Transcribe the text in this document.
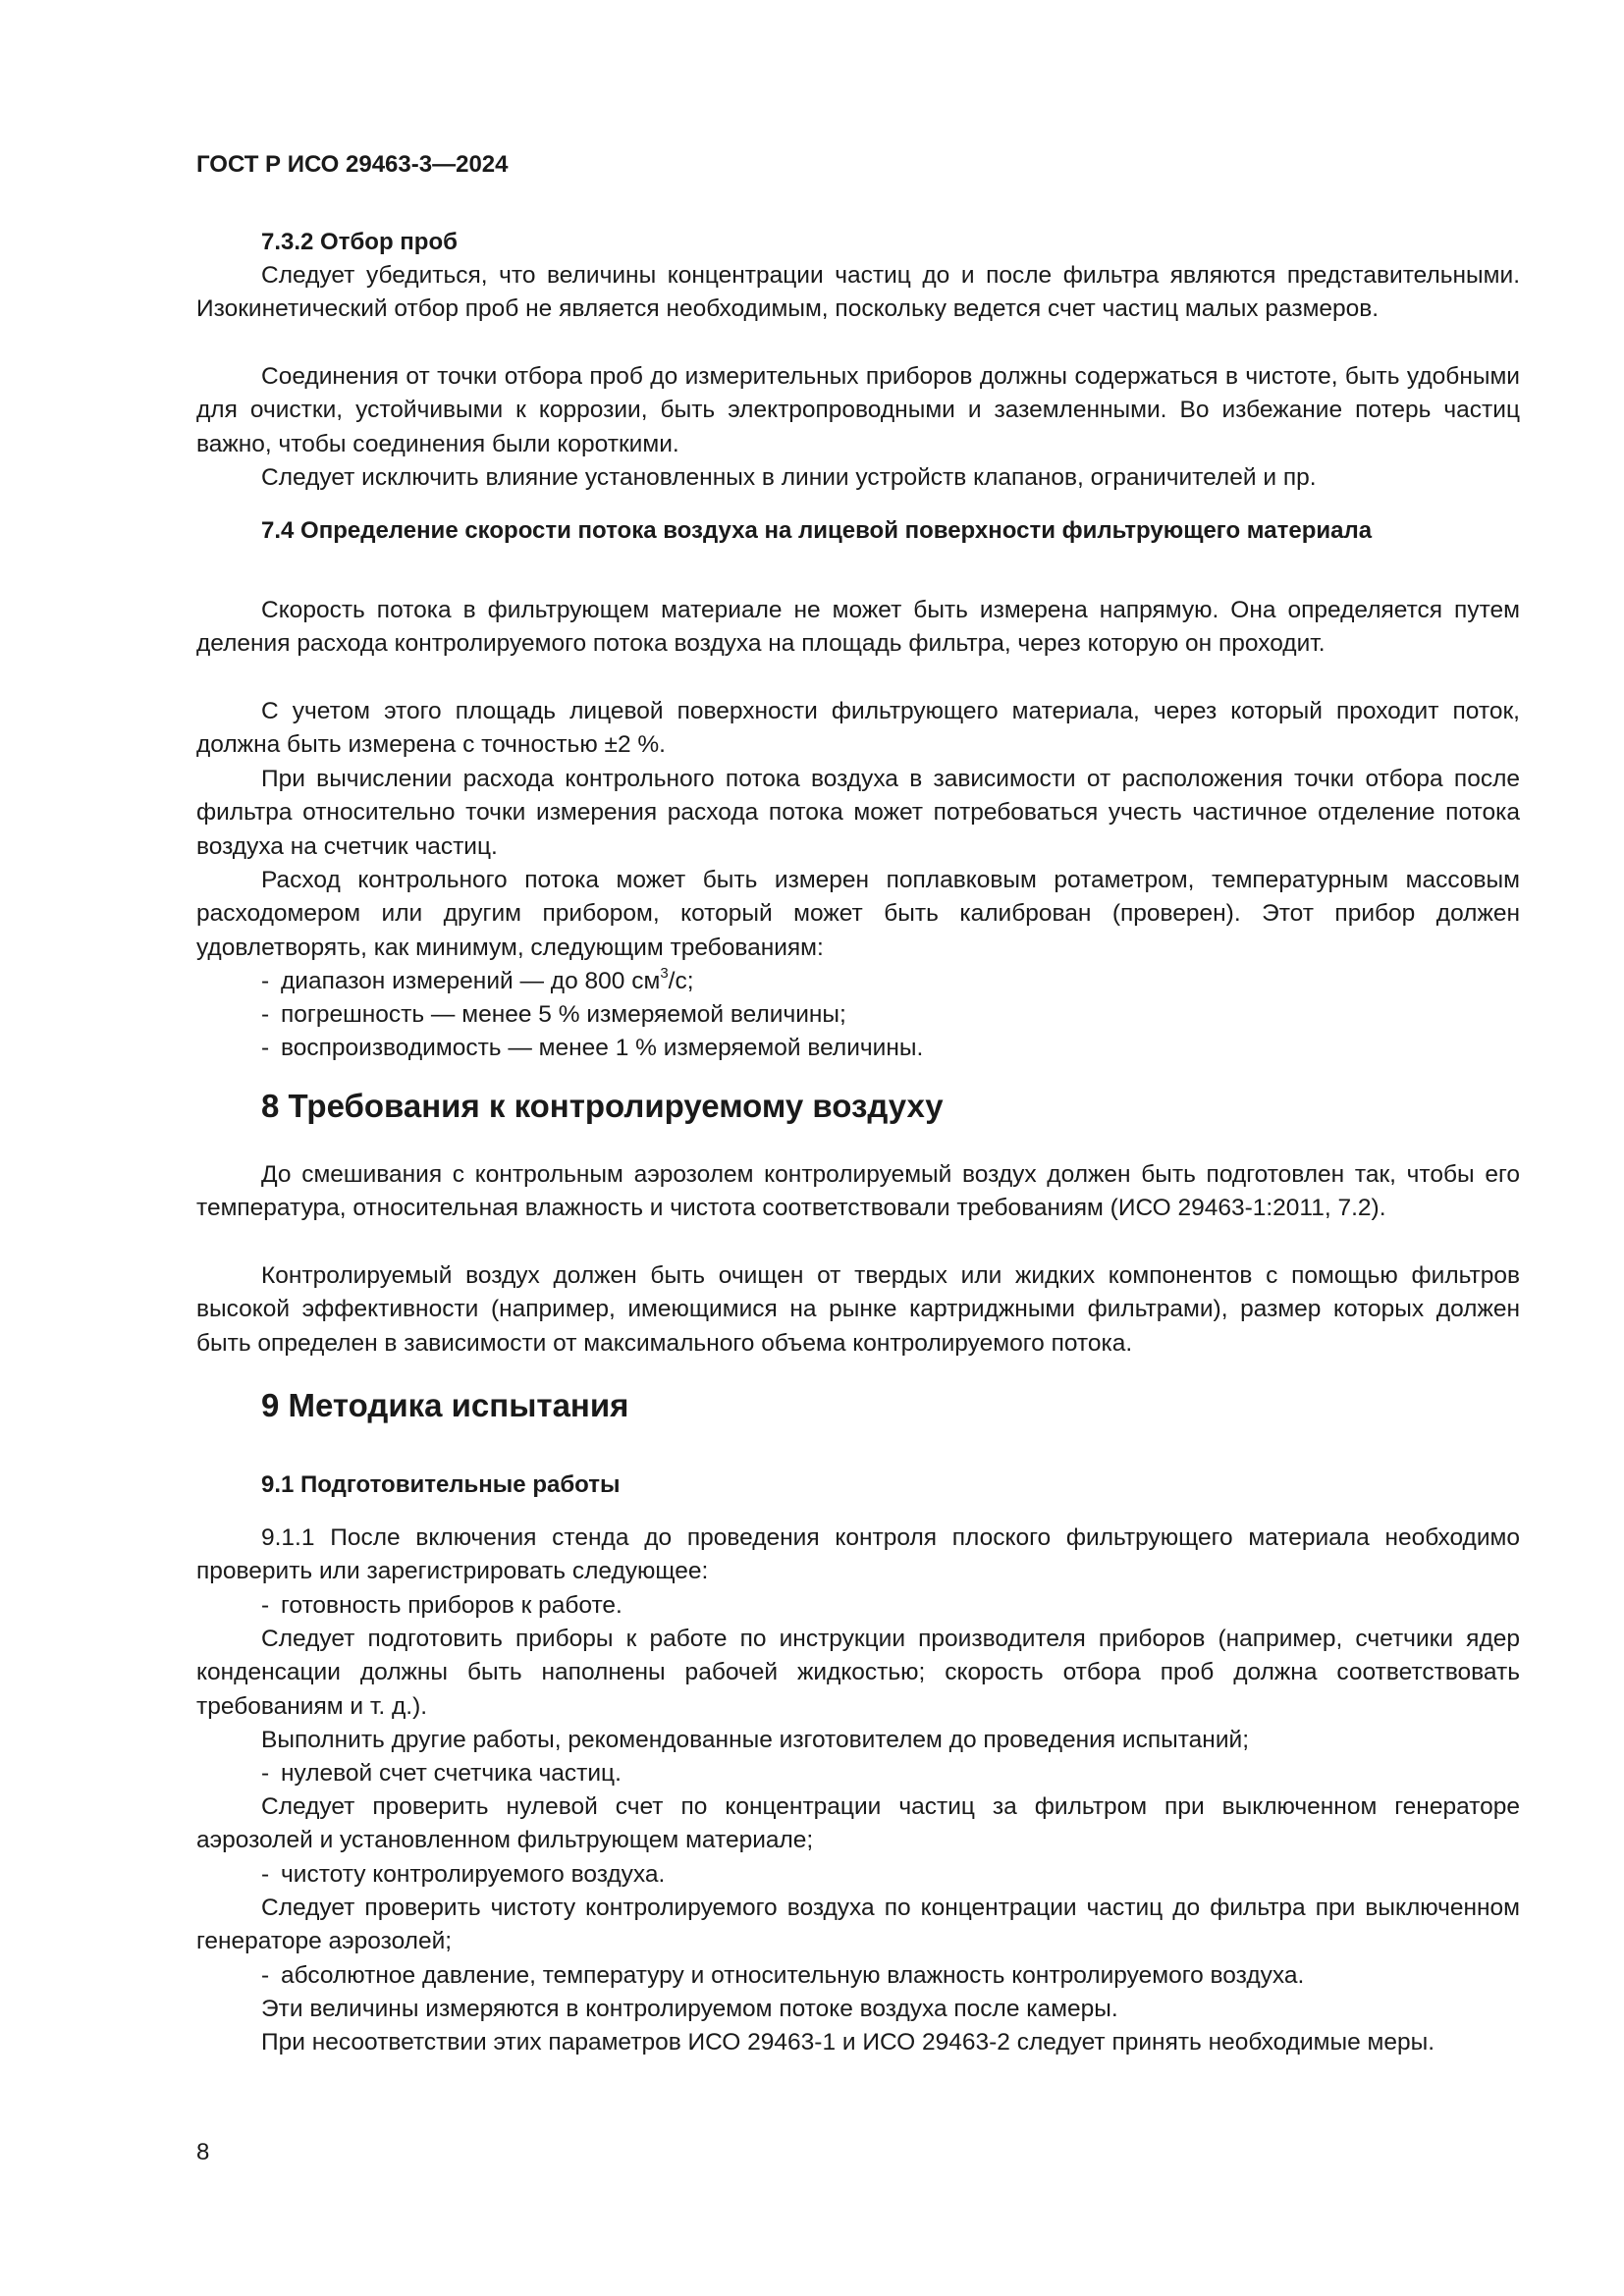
ГОСТ Р ИСО 29463-3—2024
7.3.2 Отбор проб
Следует убедиться, что величины концентрации частиц до и после фильтра являются представительными. Изокинетический отбор проб не является необходимым, поскольку ведется счет частиц малых размеров.
Соединения от точки отбора проб до измерительных приборов должны содержаться в чистоте, быть удобными для очистки, устойчивыми к коррозии, быть электропроводными и заземленными. Во избежание потерь частиц важно, чтобы соединения были короткими.
Следует исключить влияние установленных в линии устройств клапанов, ограничителей и пр.
7.4 Определение скорости потока воздуха на лицевой поверхности фильтрующего материала
Скорость потока в фильтрующем материале не может быть измерена напрямую. Она определяется путем деления расхода контролируемого потока воздуха на площадь фильтра, через которую он проходит.
С учетом этого площадь лицевой поверхности фильтрующего материала, через который проходит поток, должна быть измерена с точностью ±2 %.
При вычислении расхода контрольного потока воздуха в зависимости от расположения точки отбора после фильтра относительно точки измерения расхода потока может потребоваться учесть частичное отделение потока воздуха на счетчик частиц.
Расход контрольного потока может быть измерен поплавковым ротаметром, температурным массовым расходомером или другим прибором, который может быть калиброван (проверен). Этот прибор должен удовлетворять, как минимум, следующим требованиям:
- диапазон измерений — до 800 $см^3/с$;
- погрешность — менее 5 % измеряемой величины;
- воспроизводимость — менее 1 % измеряемой величины.
8 Требования к контролируемому воздуху
До смешивания с контрольным аэрозолем контролируемый воздух должен быть подготовлен так, чтобы его температура, относительная влажность и чистота соответствовали требованиям (ИСО 29463-1:2011, 7.2).
Контролируемый воздух должен быть очищен от твердых или жидких компонентов с помощью фильтров высокой эффективности (например, имеющимися на рынке картриджными фильтрами), размер которых должен быть определен в зависимости от максимального объема контролируемого потока.
9 Методика испытания
9.1 Подготовительные работы
9.1.1 После включения стенда до проведения контроля плоского фильтрующего материала необходимо проверить или зарегистрировать следующее:
- готовность приборов к работе.
Следует подготовить приборы к работе по инструкции производителя приборов (например, счетчики ядер конденсации должны быть наполнены рабочей жидкостью; скорость отбора проб должна соответствовать требованиям и т. д.).
Выполнить другие работы, рекомендованные изготовителем до проведения испытаний;
- нулевой счет счетчика частиц.
Следует проверить нулевой счет по концентрации частиц за фильтром при выключенном генераторе аэрозолей и установленном фильтрующем материале;
- чистоту контролируемого воздуха.
Следует проверить чистоту контролируемого воздуха по концентрации частиц до фильтра при выключенном генераторе аэрозолей;
- абсолютное давление, температуру и относительную влажность контролируемого воздуха.
Эти величины измеряются в контролируемом потоке воздуха после камеры.
При несоответствии этих параметров ИСО 29463-1 и ИСО 29463-2 следует принять необходимые меры.
8
